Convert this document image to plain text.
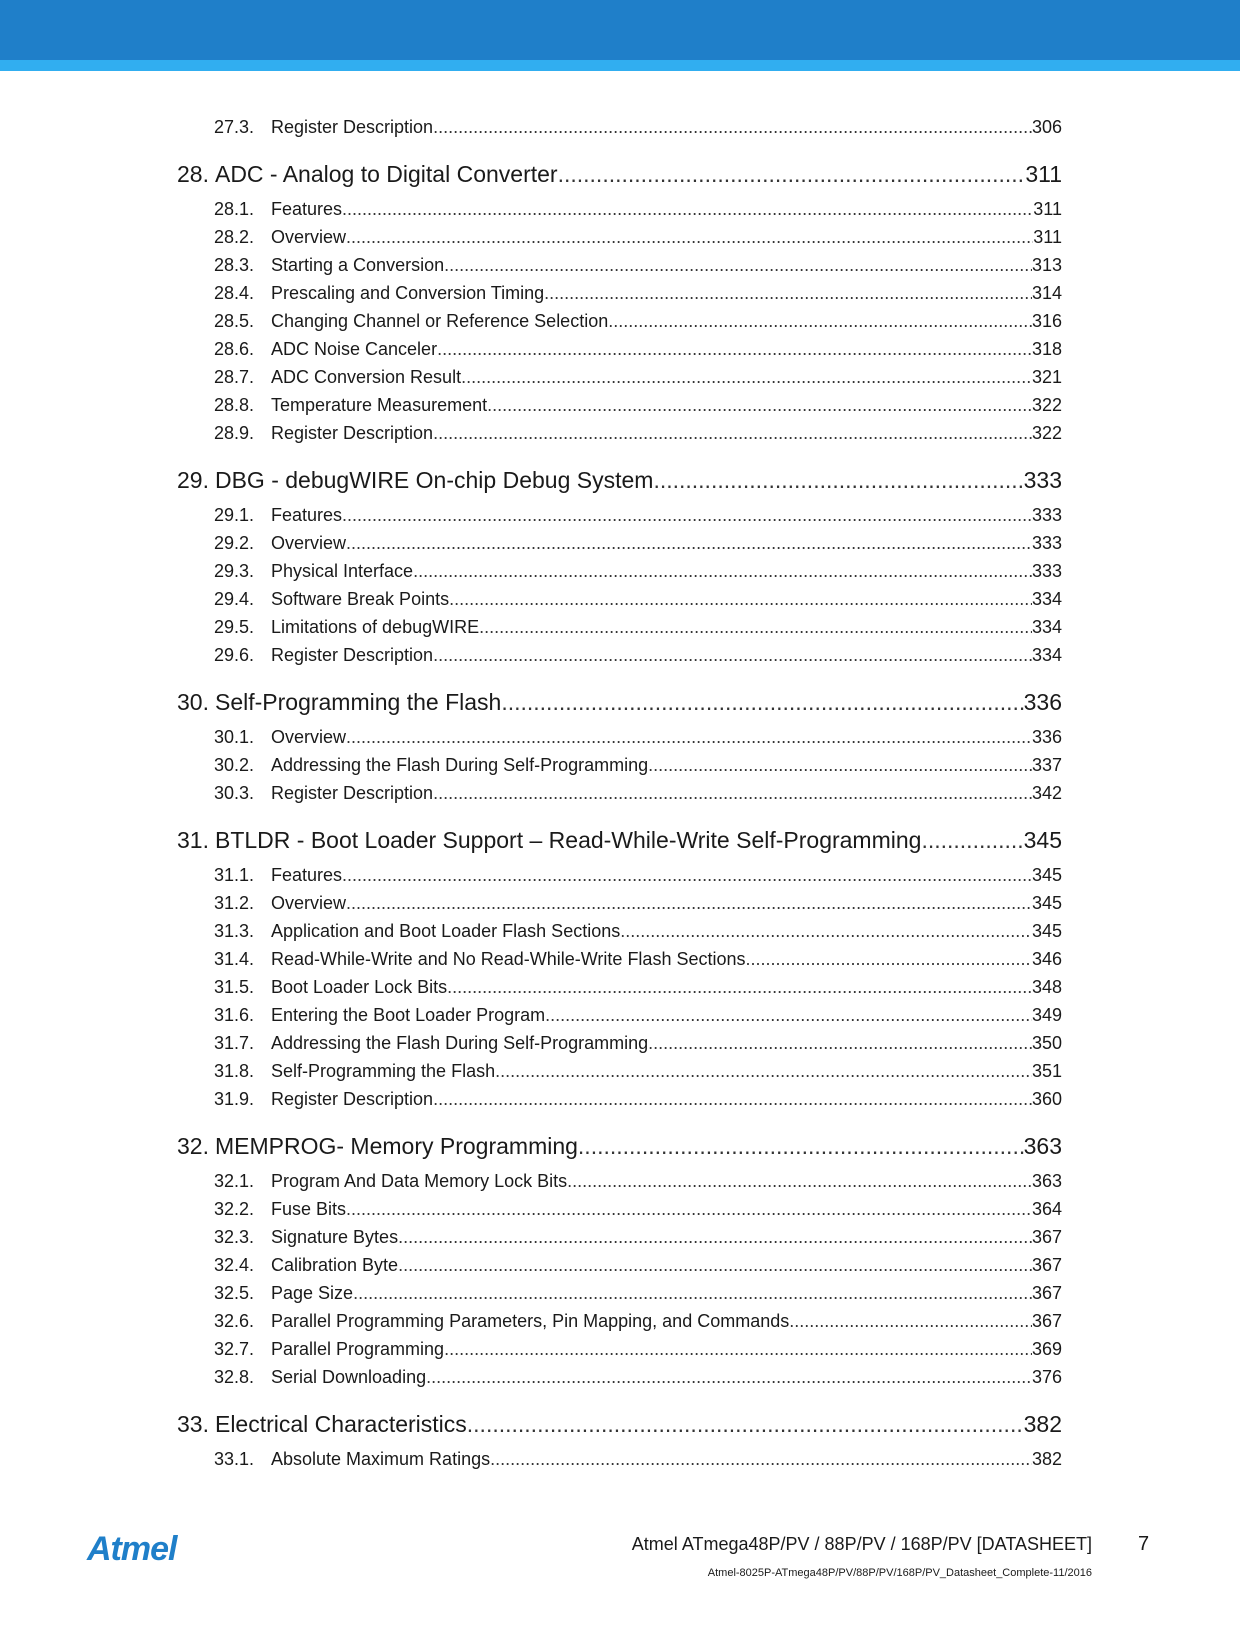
27.3. Register Description .....	306
28. ADC - Analog to Digital Converter .....	311
28.1. Features .....	311
28.2. Overview .....	311
28.3. Starting a Conversion .....	313
28.4. Prescaling and Conversion Timing .....	314
28.5. Changing Channel or Reference Selection .....	316
28.6. ADC Noise Canceler .....	318
28.7. ADC Conversion Result .....	321
28.8. Temperature Measurement .....	322
28.9. Register Description .....	322
29. DBG - debugWIRE On-chip Debug System .....	333
29.1. Features .....	333
29.2. Overview .....	333
29.3. Physical Interface .....	333
29.4. Software Break Points .....	334
29.5. Limitations of debugWIRE .....	334
29.6. Register Description .....	334
30. Self-Programming the Flash .....	336
30.1. Overview .....	336
30.2. Addressing the Flash During Self-Programming .....	337
30.3. Register Description .....	342
31. BTLDR - Boot Loader Support – Read-While-Write Self-Programming .....	345
31.1. Features .....	345
31.2. Overview .....	345
31.3. Application and Boot Loader Flash Sections .....	345
31.4. Read-While-Write and No Read-While-Write Flash Sections .....	346
31.5. Boot Loader Lock Bits .....	348
31.6. Entering the Boot Loader Program .....	349
31.7. Addressing the Flash During Self-Programming .....	350
31.8. Self-Programming the Flash .....	351
31.9. Register Description .....	360
32. MEMPROG- Memory Programming .....	363
32.1. Program And Data Memory Lock Bits .....	363
32.2. Fuse Bits .....	364
32.3. Signature Bytes .....	367
32.4. Calibration Byte .....	367
32.5. Page Size .....	367
32.6. Parallel Programming Parameters, Pin Mapping, and Commands .....	367
32.7. Parallel Programming .....	369
32.8. Serial Downloading .....	376
33. Electrical Characteristics .....	382
33.1. Absolute Maximum Ratings .....	382
Atmel	Atmel ATmega48P/PV / 88P/PV / 168P/PV [DATASHEET] 7
Atmel-8025P-ATmega48P/PV/88P/PV/168P/PV_Datasheet_Complete-11/2016
